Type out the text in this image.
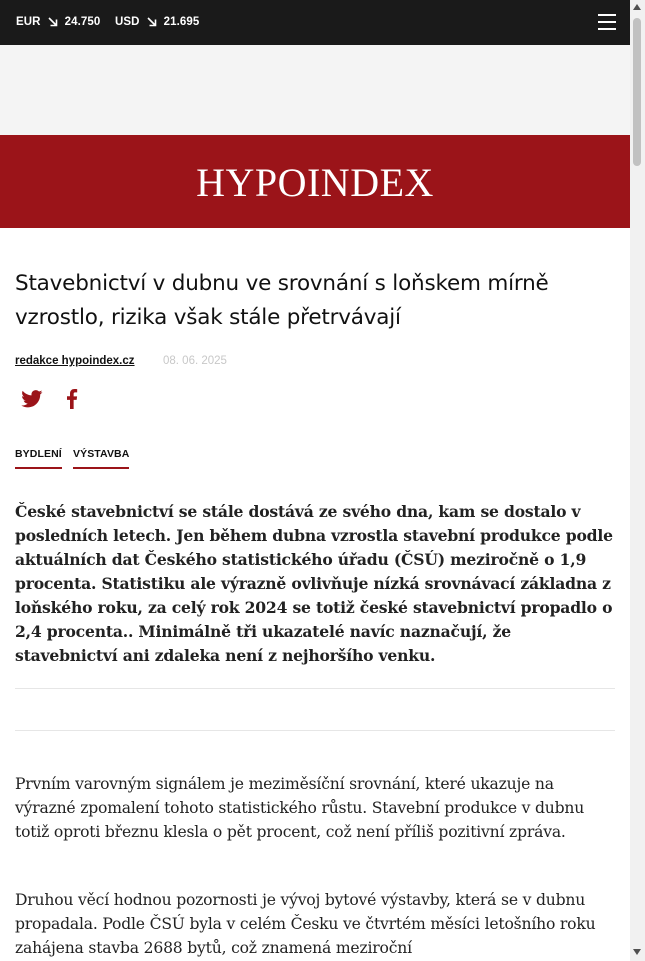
EUR 24.750 USD 21.695
HYPOINDEX
Stavebnictví v dubnu ve srovnání s loňskem mírně vzrostlo, rizika však stále přetrvávají
redakce hypoindex.cz 08. 06. 2025
BYDLENÍ VÝSTAVBA

České stavebnictví se stále dostává ze svého dna, kam se dostalo v posledních letech. Jen během dubna vzrostla stavební produkce podle aktuálních dat Českého statistického úřadu (ČSÚ) meziročně o 1,9 procenta. Statistiku ale výrazně ovlivňuje nízká srovnávací základna z loňského roku, za celý rok 2024 se totiž české stavebnictví propadlo o 2,4 procenta.. Minimálně tři ukazatelé navíc naznačují, že stavebnictví ani zdaleka není z nejhoršího venku.

Prvním varovným signálem je meziměsíční srovnání, které ukazuje na výrazné zpomalení tohoto statistického růstu. Stavební produkce v dubnu totiž oproti březnu klesla o pět procent, což není příliš pozitivní zpráva.

Druhou věcí hodnou pozornosti je vývoj bytové výstavby, která se v dubnu propadala. Podle ČSÚ byla v celém Česku ve čtvrtém měsíci letošního roku zahájena stavba 2688 bytů, což znamená meziroční
